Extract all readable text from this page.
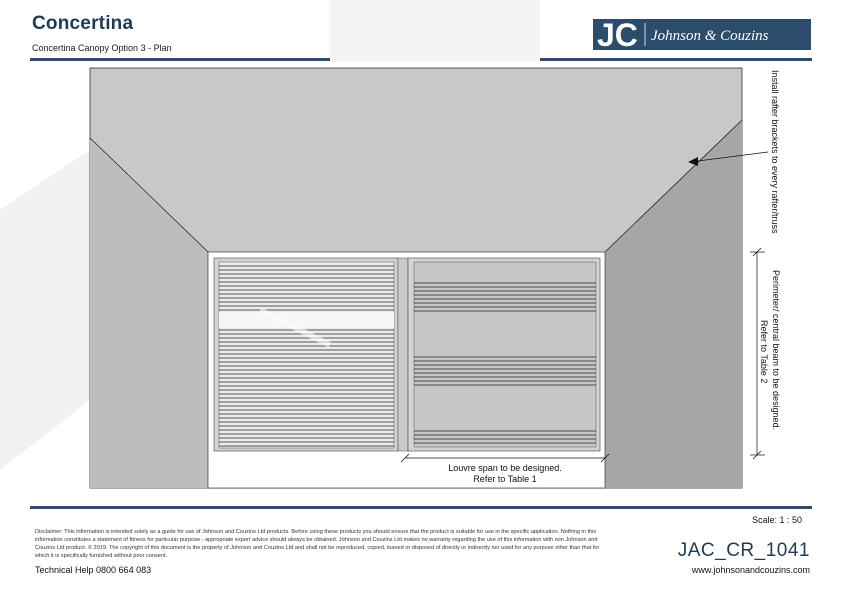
Concertina
Concertina Canopy Option 3 - Plan	JC Johnson & Couzins
Install rafter brackets to every rafter/truss
Perimeter/ central beam to be designed.
Refer to Table 2
Louvre span to be designed.
Refer to Table 1
Scale: 1 : 50
Disclaimer: This information is intended solely as a guide for use of Johnson and Couzins Ltd products. Before using these products you should ensure that the product is suitable for use in the specific application. Nothing in this information constitutes a statement of fitness for particular purpose - appropriate expert advice should always be obtained. Johnson and Couzins Ltd makes no warranty regarding the use of this information with non Johnson and Couzins Ltd product. © 2019. The copyright of this document is the property of Johnson and Couzins Ltd and shall not be reproduced, copied, loaned or disposed of directly or indirectly nor used for any purpose other than that for which it is specifically furnished without prior consent.
Technical Help 0800 664 083
JAC_CR_1041
www.johnsonandcouzins.com
